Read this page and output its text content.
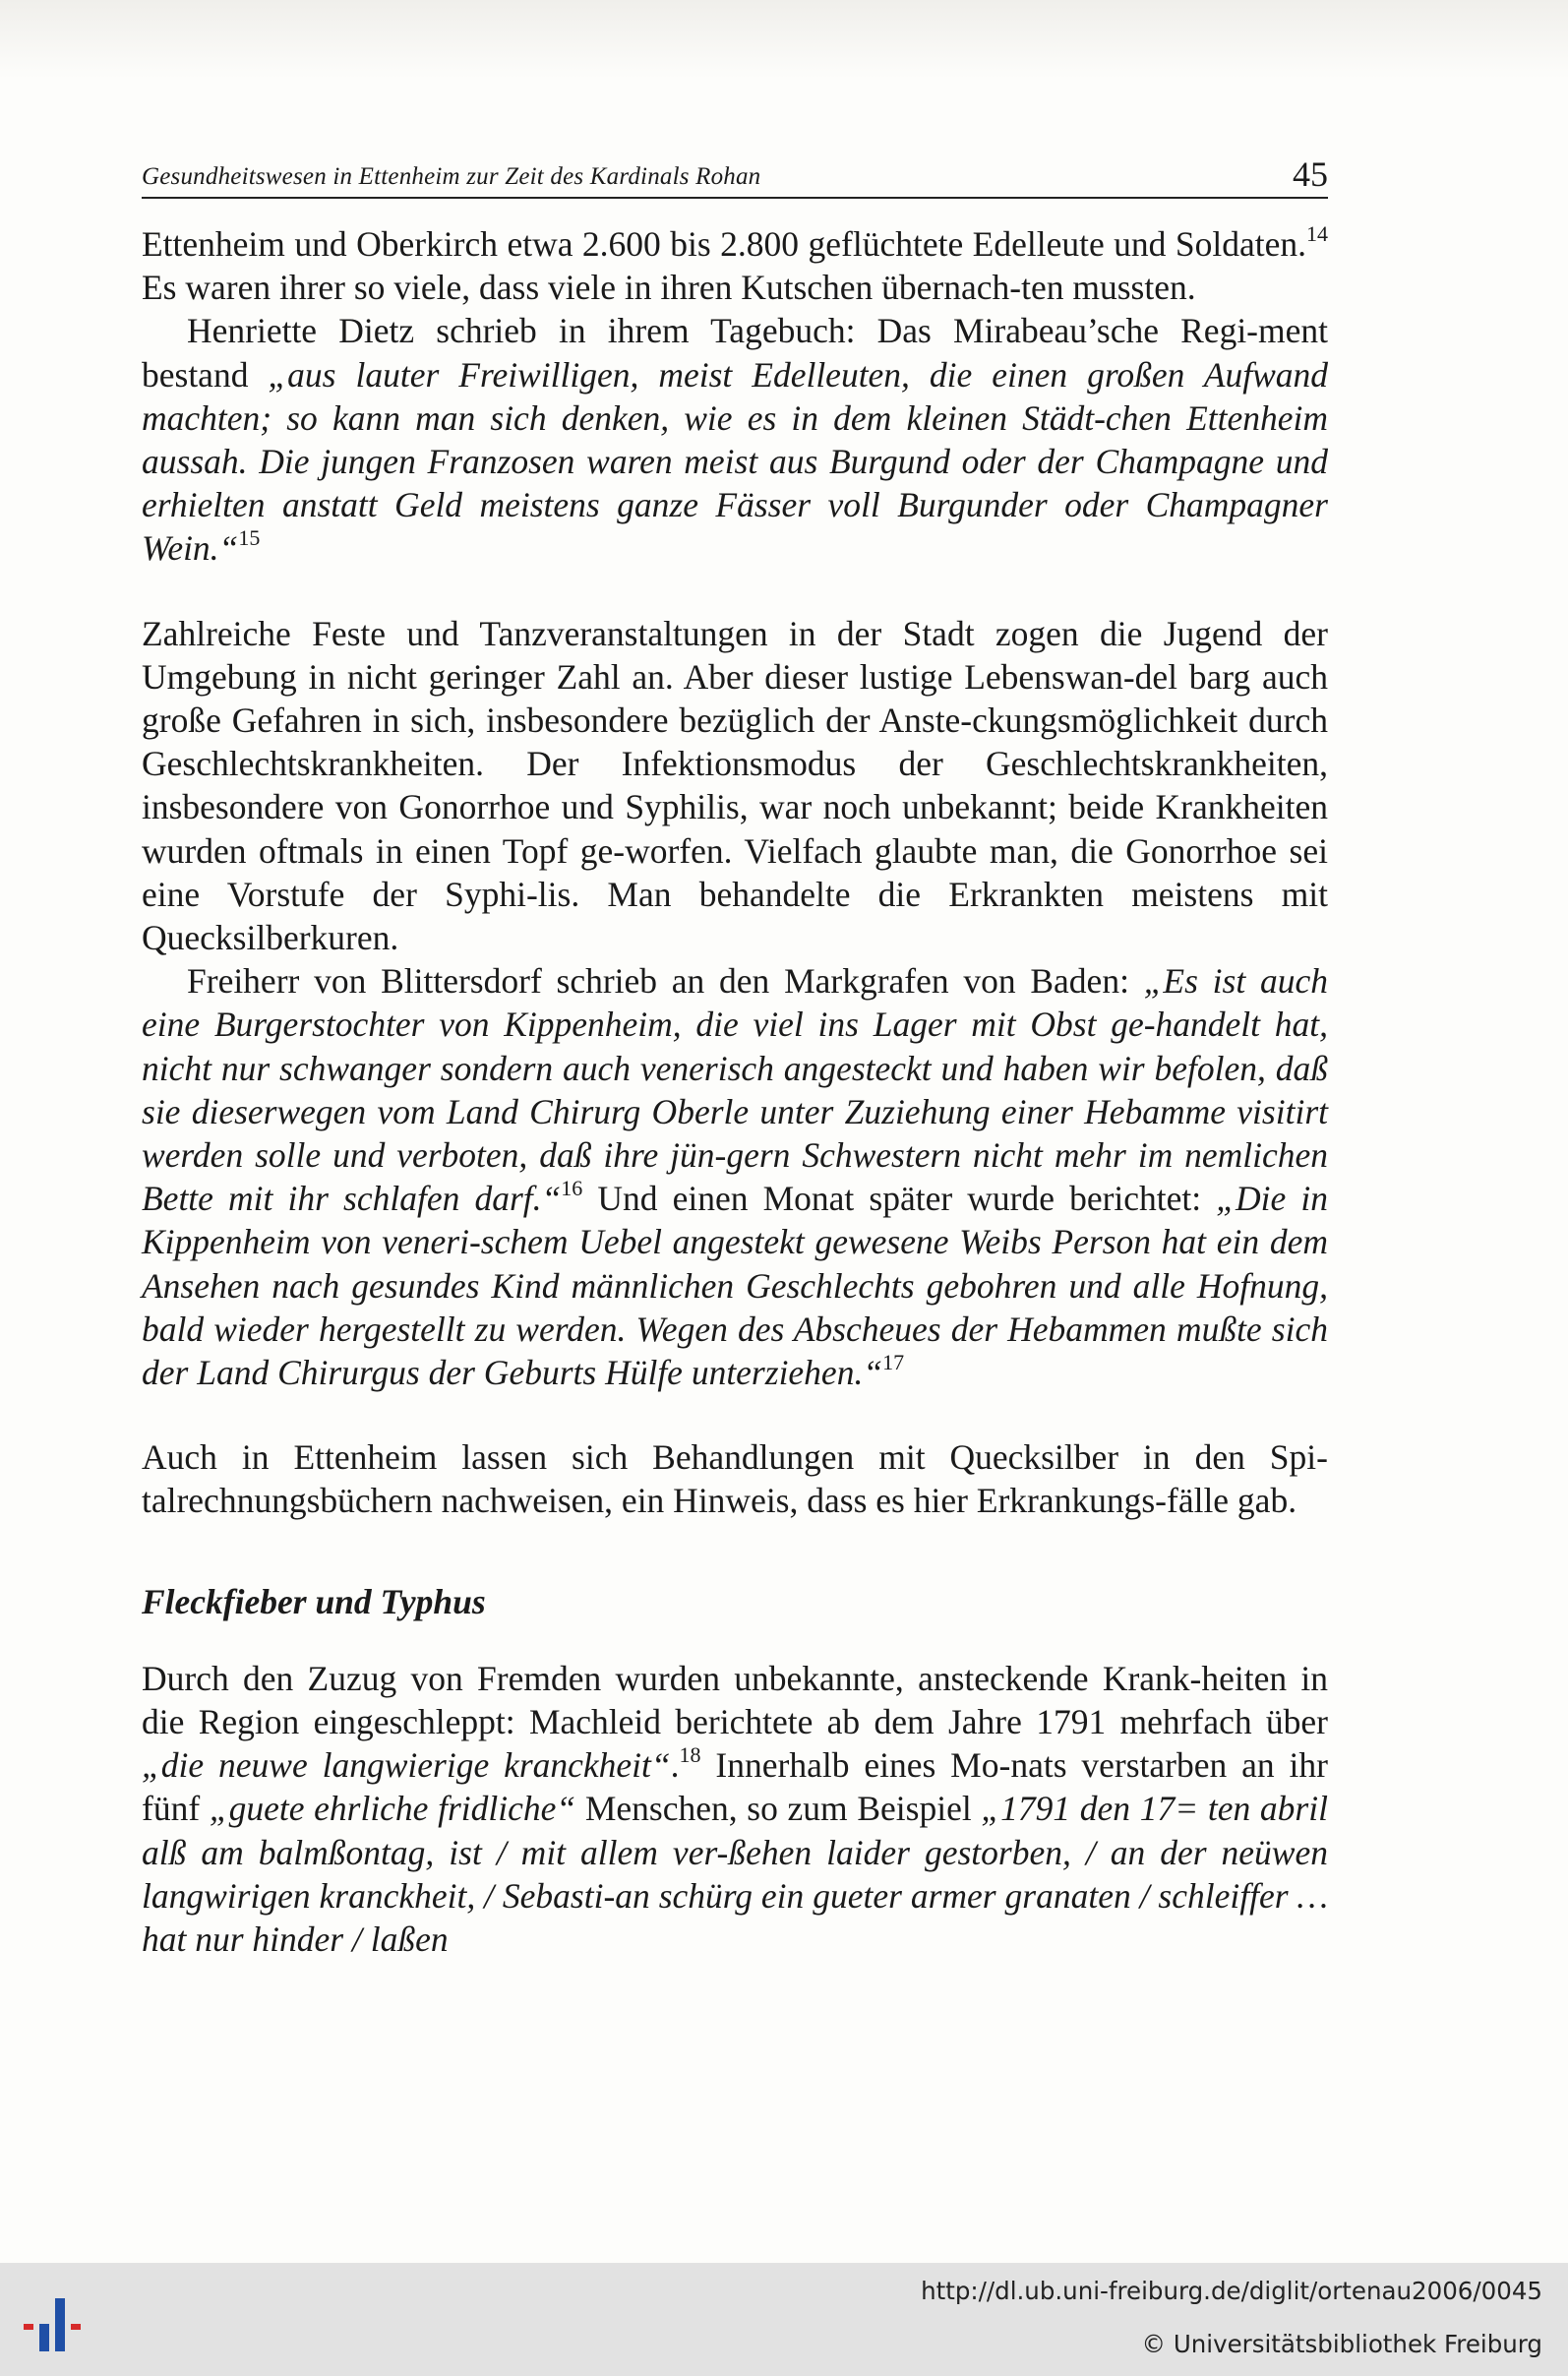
Gesundheitswesen in Ettenheim zur Zeit des Kardinals Rohan	45

Ettenheim und Oberkirch etwa 2.600 bis 2.800 geflüchtete Edelleute und Soldaten.$^{14}$ Es waren ihrer so viele, dass viele in ihren Kutschen übernach-ten mussten.

Henriette Dietz schrieb in ihrem Tagebuch: Das Mirabeau’sche Regi-ment bestand „aus lauter Freiwilligen, meist Edelleuten, die einen großen Aufwand machten; so kann man sich denken, wie es in dem kleinen Städt-chen Ettenheim aussah. Die jungen Franzosen waren meist aus Burgund oder der Champagne und erhielten anstatt Geld meistens ganze Fässer voll Burgunder oder Champagner Wein.“$^{15}$

Zahlreiche Feste und Tanzveranstaltungen in der Stadt zogen die Jugend der Umgebung in nicht geringer Zahl an. Aber dieser lustige Lebenswan-del barg auch große Gefahren in sich, insbesondere bezüglich der Anste-ckungsmöglichkeit durch Geschlechtskrankheiten. Der Infektionsmodus der Geschlechtskrankheiten, insbesondere von Gonorrhoe und Syphilis, war noch unbekannt; beide Krankheiten wurden oftmals in einen Topf ge-worfen. Vielfach glaubte man, die Gonorrhoe sei eine Vorstufe der Syphi-lis. Man behandelte die Erkrankten meistens mit Quecksilberkuren.

Freiherr von Blittersdorf schrieb an den Markgrafen von Baden: „Es ist auch eine Burgerstochter von Kippenheim, die viel ins Lager mit Obst ge-handelt hat, nicht nur schwanger sondern auch venerisch angesteckt und haben wir befolen, daß sie dieserwegen vom Land Chirurg Oberle unter Zuziehung einer Hebamme visitirt werden solle und verboten, daß ihre jün-gern Schwestern nicht mehr im nemlichen Bette mit ihr schlafen darf.“$^{16}$ Und einen Monat später wurde berichtet: „Die in Kippenheim von veneri-schem Uebel angestekt gewesene Weibs Person hat ein dem Ansehen nach gesundes Kind männlichen Geschlechts gebohren und alle Hofnung, bald wieder hergestellt zu werden. Wegen des Abscheues der Hebammen mußte sich der Land Chirurgus der Geburts Hülfe unterziehen.“$^{17}$

Auch in Ettenheim lassen sich Behandlungen mit Quecksilber in den Spi-talrechnungsbüchern nachweisen, ein Hinweis, dass es hier Erkrankungs-fälle gab.

Fleckfieber und Typhus

Durch den Zuzug von Fremden wurden unbekannte, ansteckende Krank-heiten in die Region eingeschleppt: Machleid berichtete ab dem Jahre 1791 mehrfach über „die neuwe langwierige kranckheit“.$^{18}$ Innerhalb eines Mo-nats verstarben an ihr fünf „guete ehrliche fridliche“ Menschen, so zum Beispiel „1791 den 17= ten abril alß am balmßontag, ist / mit allem ver-ßehen laider gestorben, / an der neüwen langwirigen kranckheit, / Sebasti-an schürg ein gueter armer granaten / schleiffer … hat nur hinder / laßen

http://dl.ub.uni-freiburg.de/diglit/ortenau2006/0045
© Universitätsbibliothek Freiburg
